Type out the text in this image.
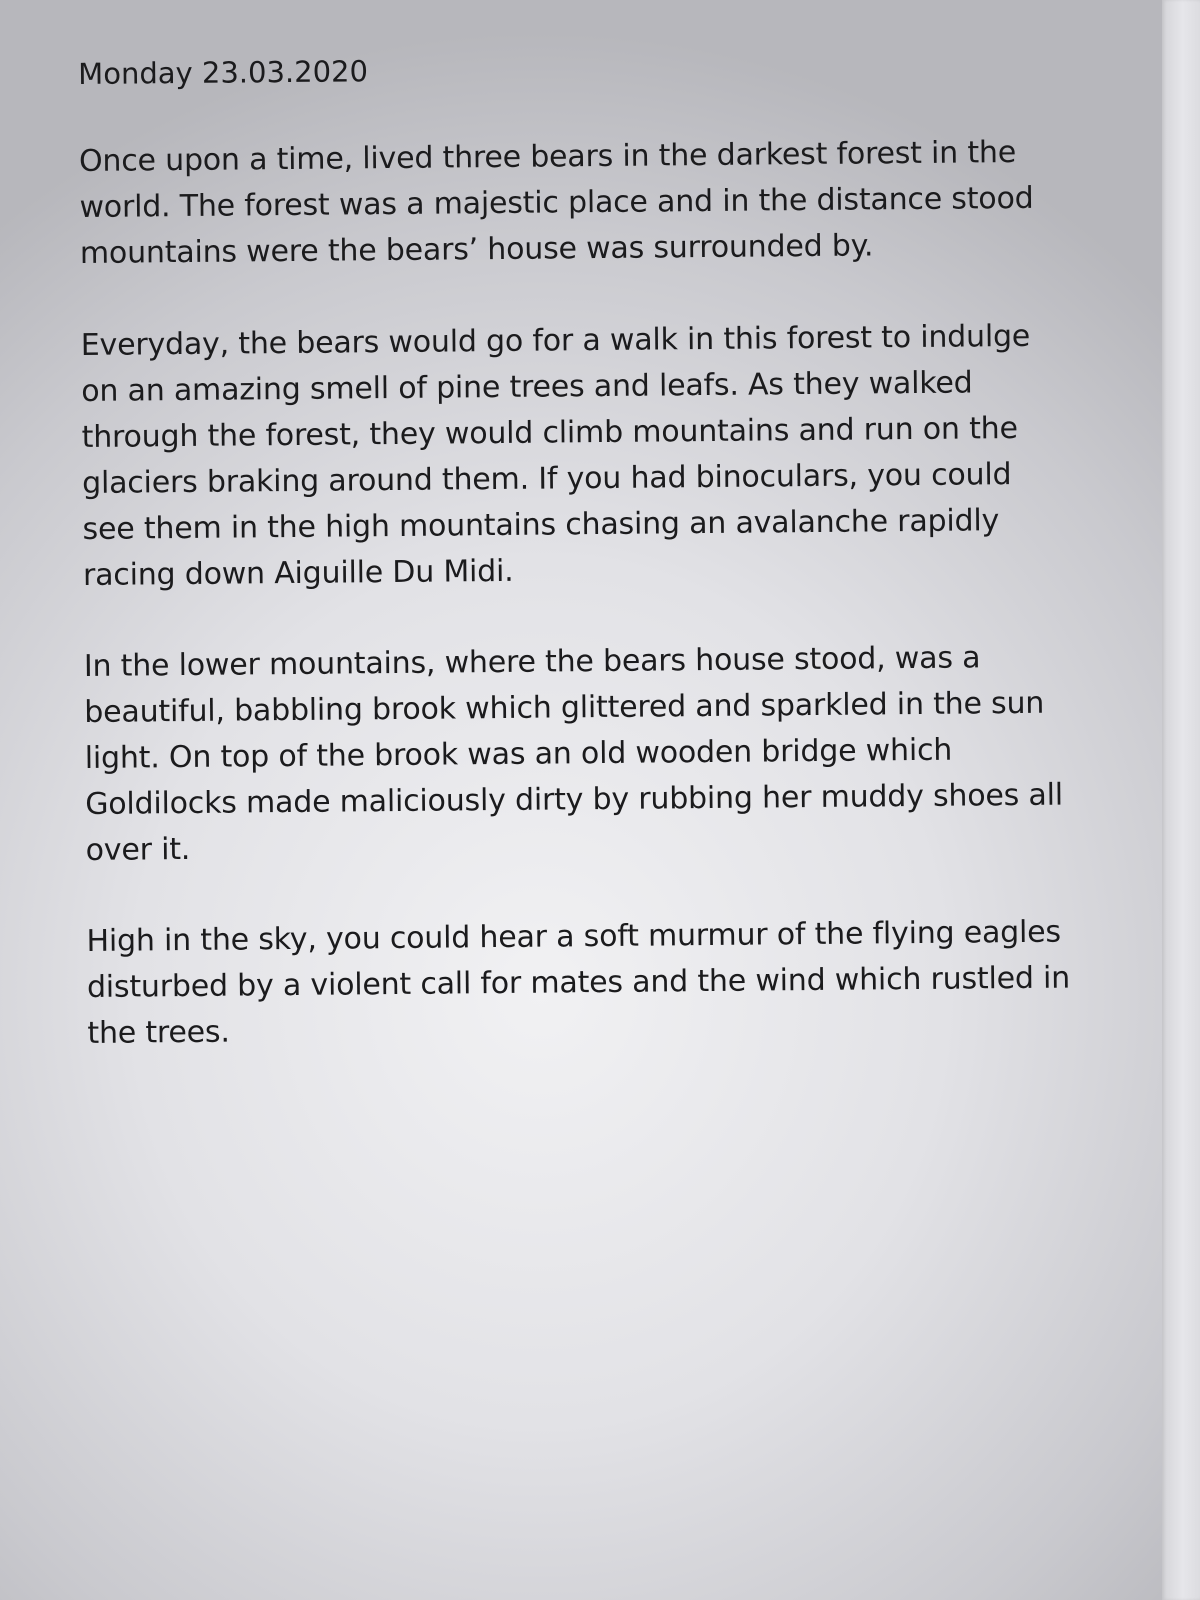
Monday 23.03.2020

Once upon a time, lived three bears in the darkest forest in the world. The forest was a majestic place and in the distance stood mountains were the bears’ house was surrounded by.

Everyday, the bears would go for a walk in this forest to indulge on an amazing smell of pine trees and leafs. As they walked through the forest, they would climb mountains and run on the glaciers braking around them. If you had binoculars, you could see them in the high mountains chasing an avalanche rapidly racing down Aiguille Du Midi.

In the lower mountains, where the bears house stood, was a beautiful, babbling brook which glittered and sparkled in the sun light. On top of the brook was an old wooden bridge which Goldilocks made maliciously dirty by rubbing her muddy shoes all over it.

High in the sky, you could hear a soft murmur of the flying eagles disturbed by a violent call for mates and the wind which rustled in the trees.
